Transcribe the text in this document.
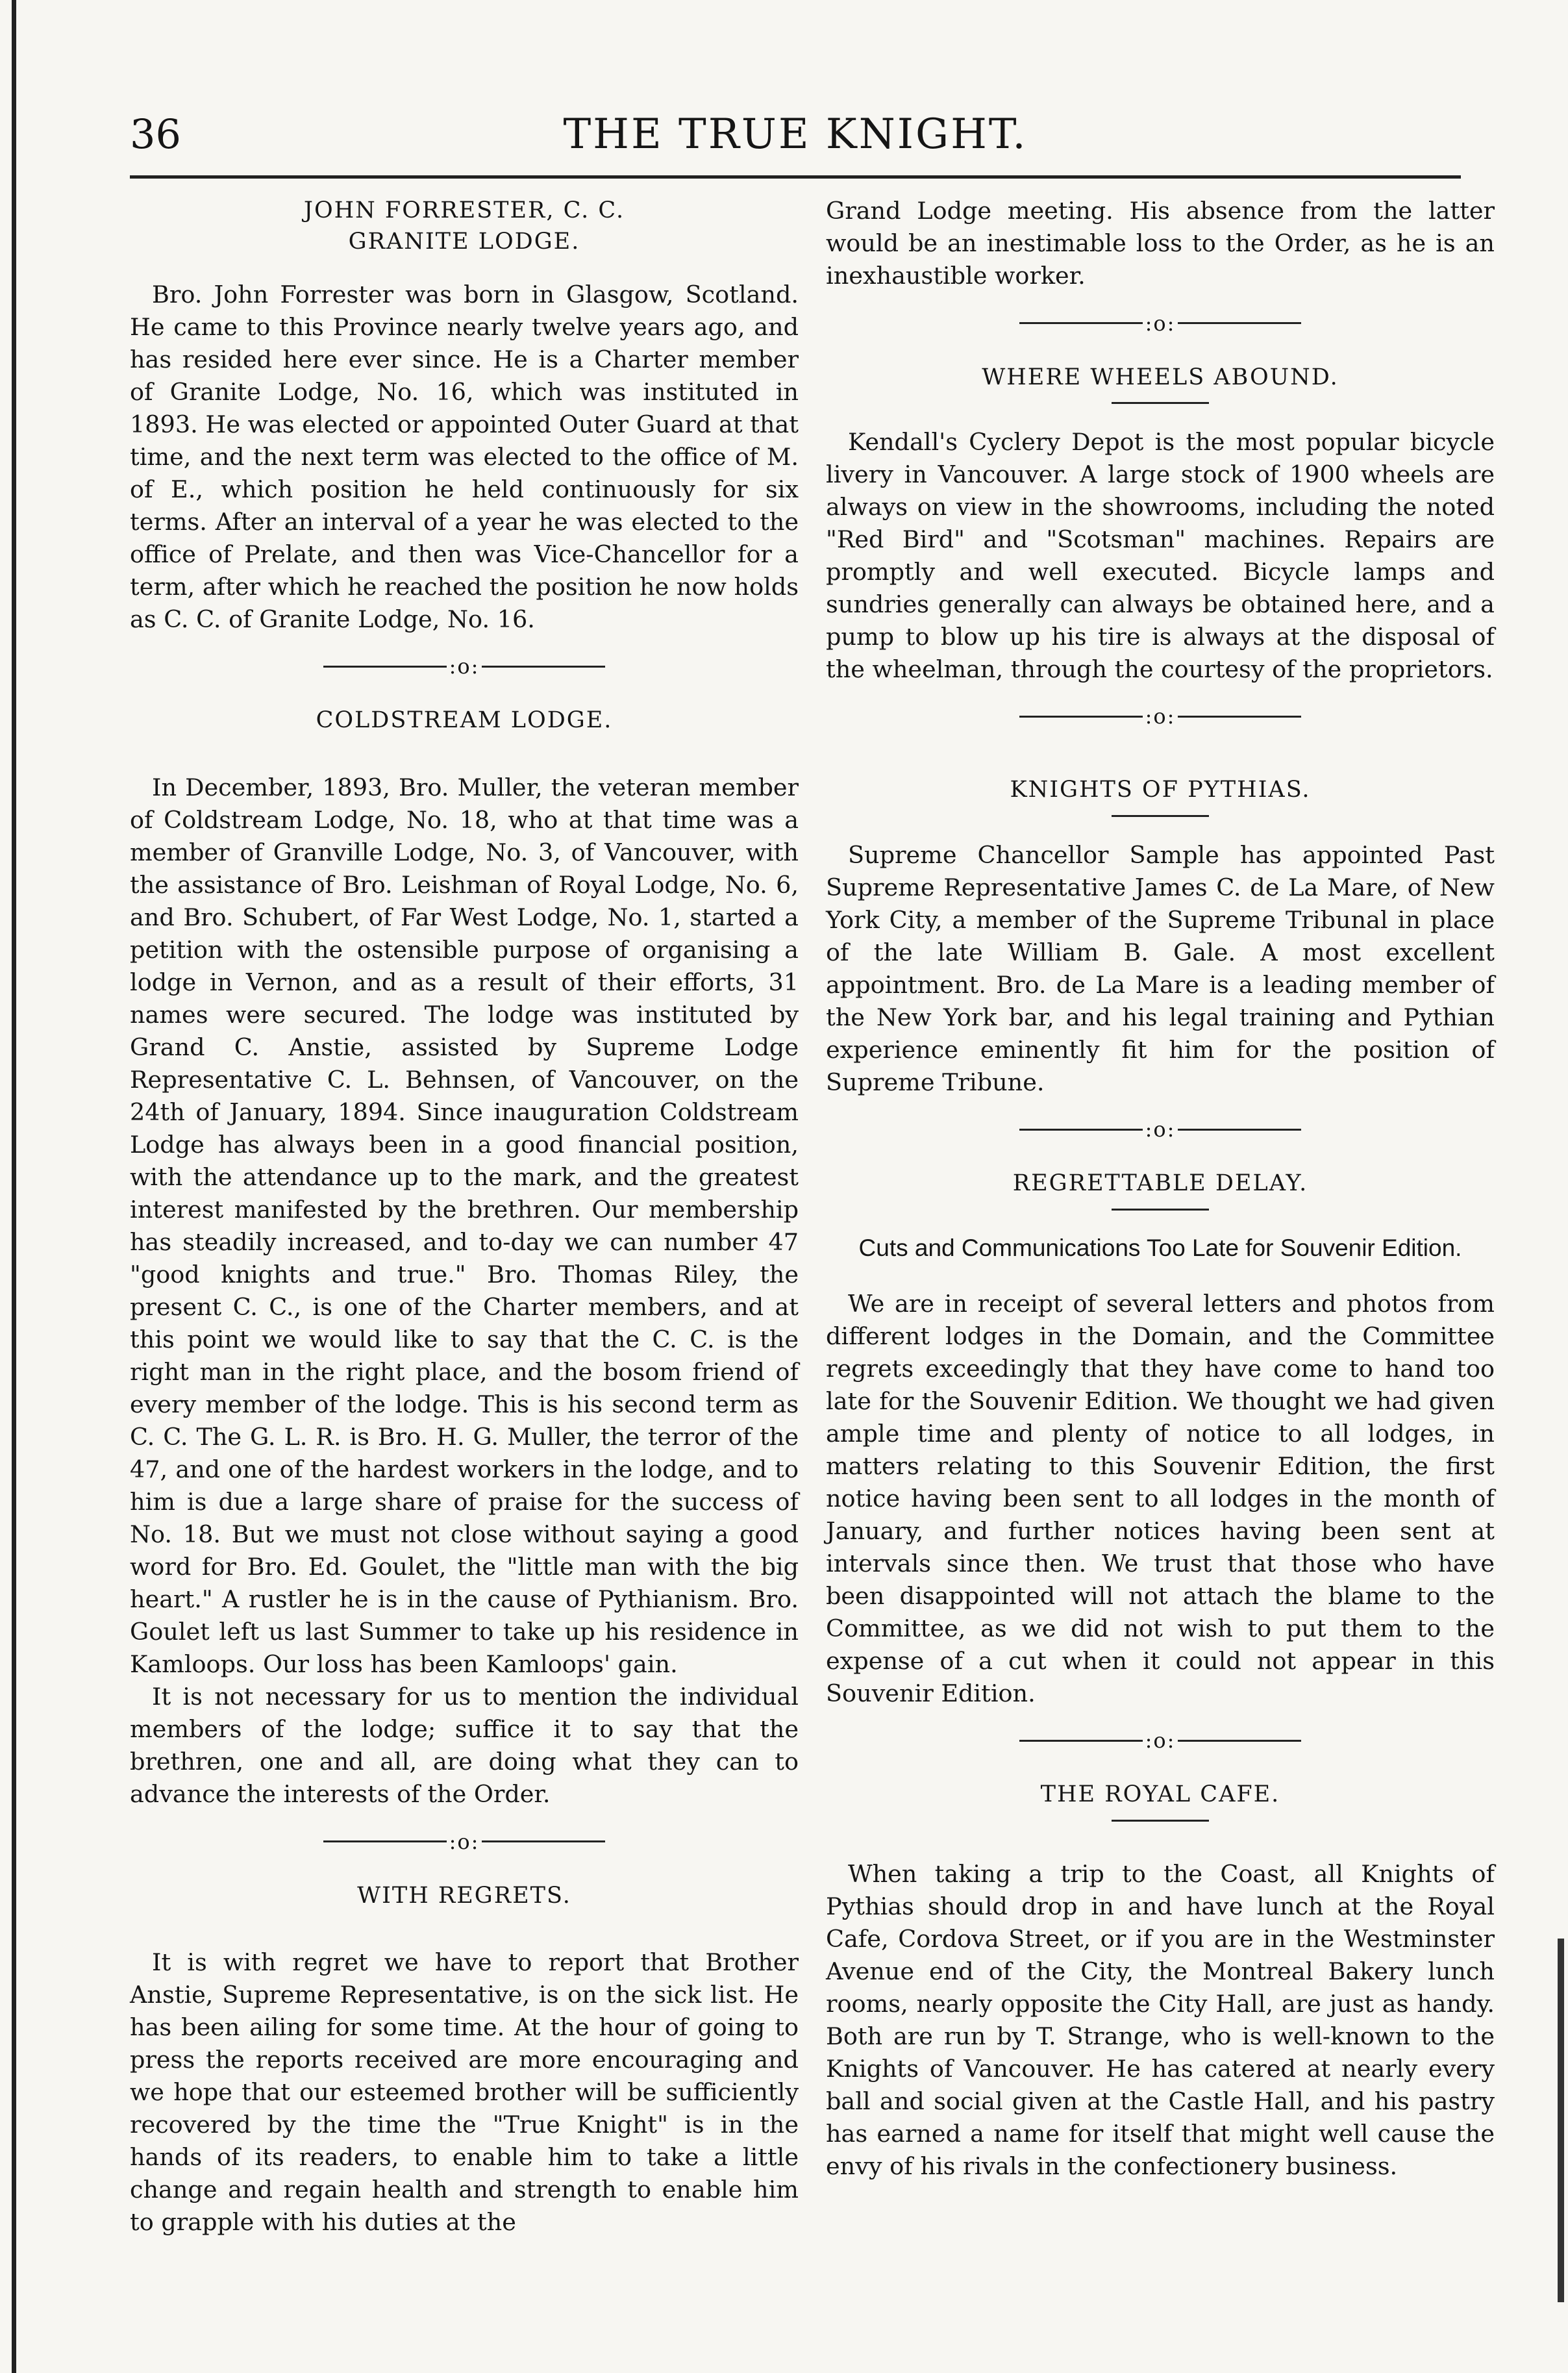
36	THE TRUE KNIGHT.

JOHN FORRESTER, C. C.

GRANITE LODGE.

Bro. John Forrester was born in Glasgow, Scotland. He came to this Province nearly twelve years ago, and has resided here ever since. He is a Charter member of Granite Lodge, No. 16, which was instituted in 1893. He was elected or appointed Outer Guard at that time, and the next term was elected to the office of M. of E., which position he held continuously for six terms. After an interval of a year he was elected to the office of Prelate, and then was Vice-Chancellor for a term, after which he reached the position he now holds as C. C. of Granite Lodge, No. 16.

:o:

COLDSTREAM LODGE.

In December, 1893, Bro. Muller, the veteran member of Coldstream Lodge, No. 18, who at that time was a member of Granville Lodge, No. 3, of Vancouver, with the assistance of Bro. Leishman of Royal Lodge, No. 6, and Bro. Schubert, of Far West Lodge, No. 1, started a petition with the ostensible purpose of organising a lodge in Vernon, and as a result of their efforts, 31 names were secured. The lodge was instituted by Grand C. Anstie, assisted by Supreme Lodge Representative C. L. Behnsen, of Vancouver, on the 24th of January, 1894. Since inauguration Coldstream Lodge has always been in a good financial position, with the attendance up to the mark, and the greatest interest manifested by the brethren. Our membership has steadily increased, and to-day we can number 47 "good knights and true." Bro. Thomas Riley, the present C. C., is one of the Charter members, and at this point we would like to say that the C. C. is the right man in the right place, and the bosom friend of every member of the lodge. This is his second term as C. C. The G. L. R. is Bro. H. G. Muller, the terror of the 47, and one of the hardest workers in the lodge, and to him is due a large share of praise for the success of No. 18. But we must not close without saying a good word for Bro. Ed. Goulet, the "little man with the big heart." A rustler he is in the cause of Pythianism. Bro. Goulet left us last Summer to take up his residence in Kamloops. Our loss has been Kamloops' gain.

It is not necessary for us to mention the individual members of the lodge; suffice it to say that the brethren, one and all, are doing what they can to advance the interests of the Order.

:o:

WITH REGRETS.

It is with regret we have to report that Brother Anstie, Supreme Representative, is on the sick list. He has been ailing for some time. At the hour of going to press the reports received are more encouraging and we hope that our esteemed brother will be sufficiently recovered by the time the "True Knight" is in the hands of its readers, to enable him to take a little change and regain health and strength to enable him to grapple with his duties at the

Grand Lodge meeting. His absence from the latter would be an inestimable loss to the Order, as he is an inexhaustible worker.

:o:

WHERE WHEELS ABOUND.

Kendall's Cyclery Depot is the most popular bicycle livery in Vancouver. A large stock of 1900 wheels are always on view in the showrooms, including the noted "Red Bird" and "Scotsman" machines. Repairs are promptly and well executed. Bicycle lamps and sundries generally can always be obtained here, and a pump to blow up his tire is always at the disposal of the wheelman, through the courtesy of the proprietors.

:o:

KNIGHTS OF PYTHIAS.

Supreme Chancellor Sample has appointed Past Supreme Representative James C. de La Mare, of New York City, a member of the Supreme Tribunal in place of the late William B. Gale. A most excellent appointment. Bro. de La Mare is a leading member of the New York bar, and his legal training and Pythian experience eminently fit him for the position of Supreme Tribune.

:o:

REGRETTABLE DELAY.

Cuts and Communications Too Late for Souvenir Edition.

We are in receipt of several letters and photos from different lodges in the Domain, and the Committee regrets exceedingly that they have come to hand too late for the Souvenir Edition. We thought we had given ample time and plenty of notice to all lodges, in matters relating to this Souvenir Edition, the first notice having been sent to all lodges in the month of January, and further notices having been sent at intervals since then. We trust that those who have been disappointed will not attach the blame to the Committee, as we did not wish to put them to the expense of a cut when it could not appear in this Souvenir Edition.

:o:

THE ROYAL CAFE.

When taking a trip to the Coast, all Knights of Pythias should drop in and have lunch at the Royal Cafe, Cordova Street, or if you are in the Westminster Avenue end of the City, the Montreal Bakery lunch rooms, nearly opposite the City Hall, are just as handy. Both are run by T. Strange, who is well-known to the Knights of Vancouver. He has catered at nearly every ball and social given at the Castle Hall, and his pastry has earned a name for itself that might well cause the envy of his rivals in the confectionery business.
